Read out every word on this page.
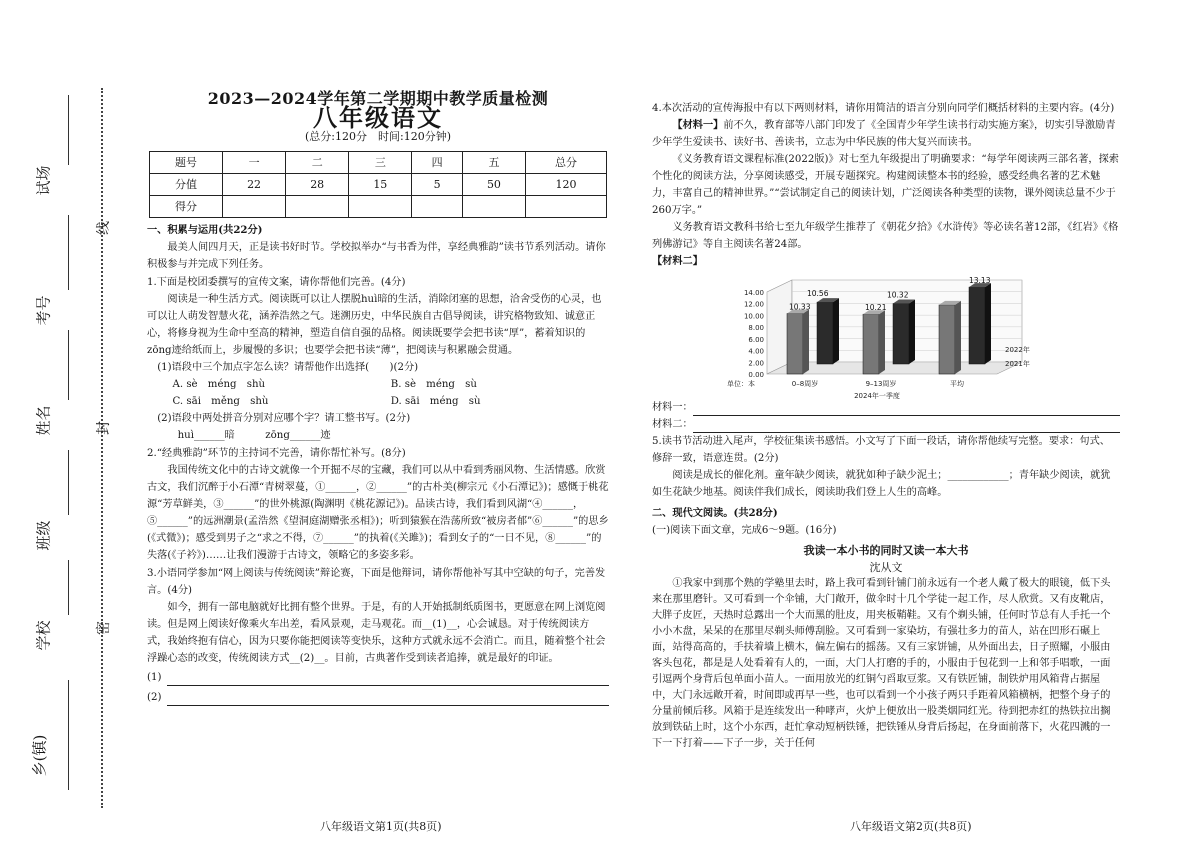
试场
考号
姓名
班级
学校
乡(镇)
线
封
密
2023—2024学年第二学期期中教学质量检测
八年级语文
(总分:120分　时间:120分钟)
题号	一	二	三	四	五	总分
分值	22	28	15	5	50	120
得分						

一、积累与运用(共22分)

最美人间四月天，正是读书好时节。学校拟举办“与书香为伴，享经典雅韵”读书节系列活动。请你积极参与并完成下列任务。

1.下面是校团委撰写的宣传文案，请你帮他们完善。(4分)

阅读是一种生活方式。阅读既可以让人摆脱huì暗的生活，消除闭塞的思想，洽舍受伤的心灵，也可以让人萌发智慧火花，涵养浩然之气。迷溯历史，中华民族自古倡导阅读，讲究格物致知、诚意正心，将修身视为生命中至高的精神，塑造自信自强的品格。阅读既要学会把书读“厚”，蓄着知识的zōng迹给纸而上，步履慢的多识；也要学会把书读“薄”，把阅读与积累融会贯通。

(1)语段中三个加点字怎么读？请帮他作出选择(　　)(2分)

A. sè　méng　shù	B. sè　méng　sù
C. sāi　měng　shù	D. sāi　méng　sù

(2)语段中两处拼音分别对应哪个字？请工整书写。(2分)

huì______暗　　　zōng______迹

2.“经典雅韵”环节的主持词不完善，请你帮忙补写。(8分)

我国传统文化中的古诗文就像一个开掘不尽的宝藏，我们可以从中看到秀丽风物、生活情感。欣赏古文，我们沉醉于小石潭“青树翠蔓，①______，②______”的古朴美(柳宗元《小石潭记》)；感慨于桃花源“芳草鲜美，③______”的世外桃源(陶渊明《桃花源记》)。品读古诗，我们看到风湖“④______，⑤______”的远洲潮景(孟浩然《望洞庭湖赠张丞相》)；听到猿猴在浩荡所致“被房者郁”⑥______”的思乡(《式微》)；感受到男子之“求之不得，⑦______”的执着(《关雎》)；看到女子的“一日不见，⑧______”的失落(《子衿》)……让我们漫游于古诗文，领略它的多姿多彩。

3.小语同学参加“网上阅读与传统阅读”辩论赛，下面是他辩词，请你帮他补写其中空缺的句子，完善发言。(4分)

如今，拥有一部电脑就好比拥有整个世界。于是，有的人开始抵制纸质图书，更愿意在网上浏览阅读。但是网上阅读好像乘火车出差，看风景观，走马观花。而__(1)__，心会诚恳。对于传统阅读方式，我始终抱有信心，因为只要你能把阅读等变快乐，这种方式就永远不会消亡。而且，随着整个社会浮躁心态的改变，传统阅读方式__(2)__。目前，古典著作受到读者追捧，就是最好的印证。

(1)
(2)
八年级语文第1页(共8页)

4.本次活动的宣传海报中有以下两则材料，请你用简洁的语言分别向同学们概括材料的主要内容。(4分)

【材料一】前不久，教育部等八部门印发了《全国青少年学生读书行动实施方案》，切实引导激励青少年学生爱读书、读好书、善读书，立志为中华民族的伟大复兴而读书。

《义务教育语文课程标准(2022版)》对七至九年级提出了明确要求：“每学年阅读两三部名著，探索个性化的阅读方法，分享阅读感受，开展专题探究。构建阅读整本书的经验，感受经典名著的艺术魅力，丰富自己的精神世界。”“尝试制定自己的阅读计划，广泛阅读各种类型的读物，课外阅读总量不少于260万字。”

义务教育语文教科书给七至九年级学生推荐了《朝花夕拾》《水浒传》等必读名著12部，《红岩》《格列佛游记》等自主阅读名著24部。

【材料二】

0.00
2.00
4.00
6.00
8.00
10.00
12.00
14.00
0–8周岁	9–13周岁	平均
10.33
10.56
10.21
10.32
13.13
2022年
2021年
单位：本
2024年一季度
材料一：
材料二：

5.读书节活动进入尾声，学校征集读书感悟。小文写了下面一段话，请你帮他续写完整。要求：句式、修辞一致，语意连贯。(2分)

阅读是成长的催化剂。童年缺少阅读，就犹如种子缺少泥土；____________；青年缺少阅读，就犹如生花缺少地基。阅读伴我们成长，阅读助我们登上人生的高峰。

二、现代文阅读。(共28分)

(一)阅读下面文章，完成6～9题。(16分)

我读一本小书的同时又读一本大书
沈从文

①我家中到那个熟的学塾里去时，路上我可看到针铺门前永远有一个老人戴了极大的眼镜，低下头来在那里磨针。又可看到一个伞铺，大门敞开，做伞时十几个学徒一起工作，尽人欣赏。又有皮靴店，大胖子皮匠，天热时总露出一个大而黑的肚皮，用夹板鞘鞋。又有个剃头铺，任何时节总有人手托一个小小木盘，呆呆的在那里尽剃头师傅刮脸。又可看到一家染坊，有强壮多力的苗人，站在凹形石碾上面，站得高高的，手扶着墙上横木，偏左偏右的摇荡。又有三家饼铺，从外面出去，日子照耀，小服由客头包花，都是是人处看着有人的，一面，大门人打磨的手的，小服由于包花到一上和邻手唱歌，一面引逗两个身背后包单面小苗人。一面用放光的红铜勺舀取豆浆。又有铁匠铺，制铁炉用风箱背占据屋中，大门永远敞开着，时间即或再早一些，也可以看到一个小孩子两只手距着风箱横柄，把整个身子的分量前倾后移。风箱于是连续发出一种哮声，火炉上便放出一股类烟同红光。待到把赤红的热铁拉出搁放到铁砧上时，这个小东西，赶忙拿动短柄铁锤，把铁锤从身背后扬起，在身面前落下，火花四溅的一下一下打着——下子一步，关于任何

八年级语文第2页(共8页)
